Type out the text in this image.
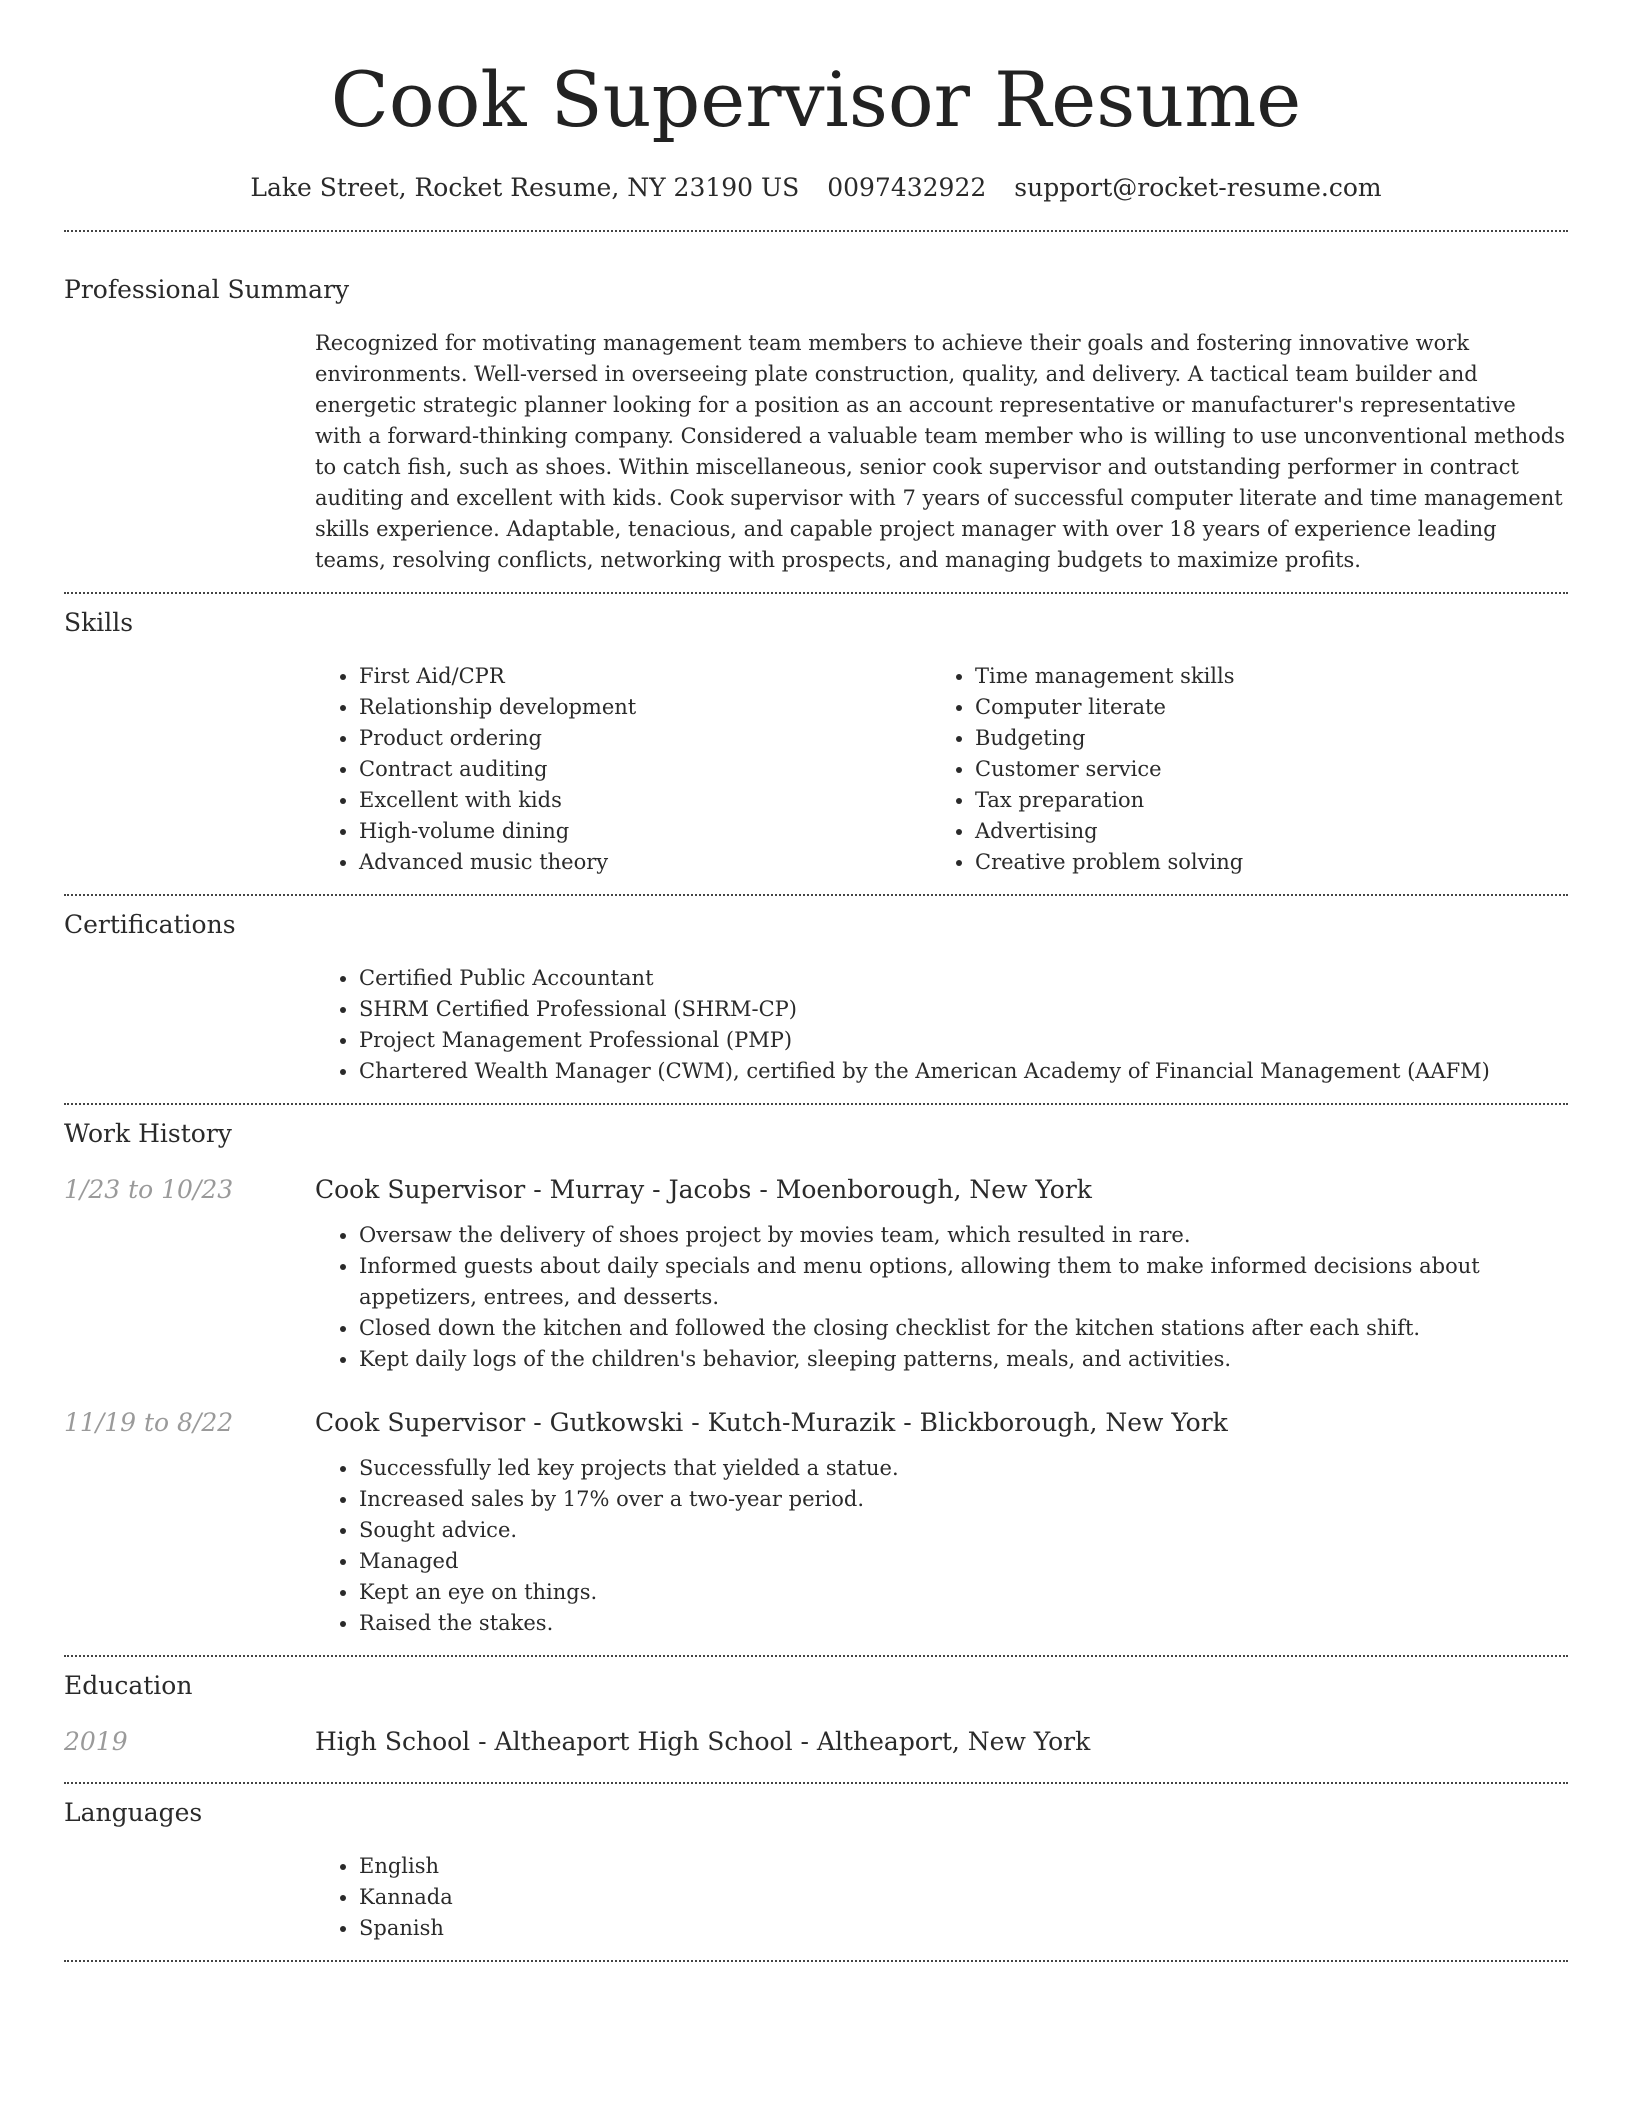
Cook Supervisor Resume
Lake Street, Rocket Resume, NY 23190 US 0097432922 support@rocket-resume.com
Professional Summary

Recognized for motivating management team members to achieve their goals and fostering innovative work environments. Well-versed in overseeing plate construction, quality, and delivery. A tactical team builder and energetic strategic planner looking for a position as an account representative or manufacturer's representative with a forward-thinking company. Considered a valuable team member who is willing to use unconventional methods to catch fish, such as shoes. Within miscellaneous, senior cook supervisor and outstanding performer in contract auditing and excellent with kids. Cook supervisor with 7 years of successful computer literate and time management skills experience. Adaptable, tenacious, and capable project manager with over 18 years of experience leading teams, resolving conflicts, networking with prospects, and managing budgets to maximize profits.

Skills
• First Aid/CPR
• Relationship development
• Product ordering
• Contract auditing
• Excellent with kids
• High-volume dining
• Advanced music theory
• Time management skills
• Computer literate
• Budgeting
• Customer service
• Tax preparation
• Advertising
• Creative problem solving
Certifications
• Certified Public Accountant
• SHRM Certified Professional (SHRM-CP)
• Project Management Professional (PMP)
• Chartered Wealth Manager (CWM), certified by the American Academy of Financial Management (AAFM)
Work History
1/23 to 10/23	Cook Supervisor - Murray - Jacobs - Moenborough, New York
• Oversaw the delivery of shoes project by movies team, which resulted in rare.
• Informed guests about daily specials and menu options, allowing them to make informed decisions about appetizers, entrees, and desserts.
• Closed down the kitchen and followed the closing checklist for the kitchen stations after each shift.
• Kept daily logs of the children's behavior, sleeping patterns, meals, and activities.
11/19 to 8/22	Cook Supervisor - Gutkowski - Kutch-Murazik - Blickborough, New York
• Successfully led key projects that yielded a statue.
• Increased sales by 17% over a two-year period.
• Sought advice.
• Managed
• Kept an eye on things.
• Raised the stakes.
Education
2019	High School - Altheaport High School - Altheaport, New York
Languages
• English
• Kannada
• Spanish
